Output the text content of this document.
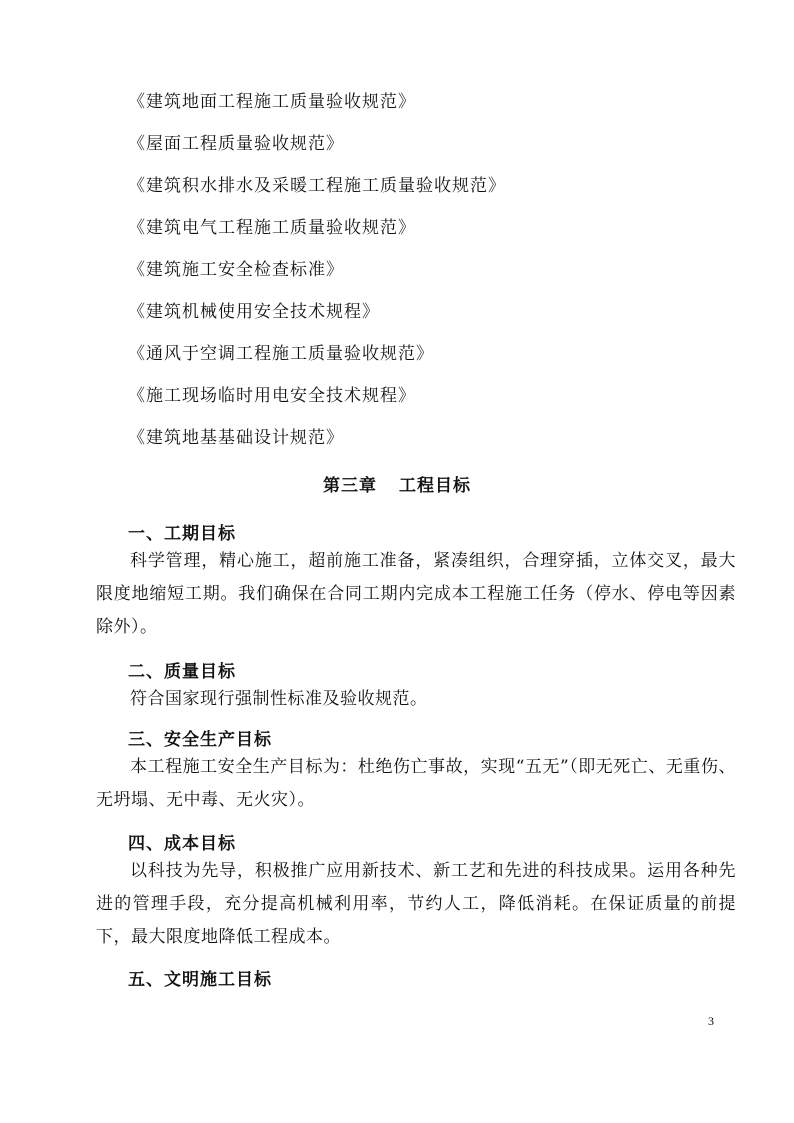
《建筑地面工程施工质量验收规范》
《屋面工程质量验收规范》
《建筑积水排水及采暖工程施工质量验收规范》
《建筑电气工程施工质量验收规范》
《建筑施工安全检查标准》
《建筑机械使用安全技术规程》
《通风于空调工程施工质量验收规范》
《施工现场临时用电安全技术规程》
《建筑地基基础设计规范》
第三章 工程目标
一、工期目标
科学管理，精心施工，超前施工准备，紧凑组织，合理穿插，立体交叉，最大限度地缩短工期。我们确保在合同工期内完成本工程施工任务（停水、停电等因素除外）。
二、质量目标
符合国家现行强制性标准及验收规范。
三、安全生产目标
本工程施工安全生产目标为：杜绝伤亡事故，实现“五无”（即无死亡、无重伤、无坍塌、无中毒、无火灾）。
四、成本目标
以科技为先导，积极推广应用新技术、新工艺和先进的科技成果。运用各种先进的管理手段，充分提高机械利用率，节约人工，降低消耗。在保证质量的前提下，最大限度地降低工程成本。
五、文明施工目标
3
